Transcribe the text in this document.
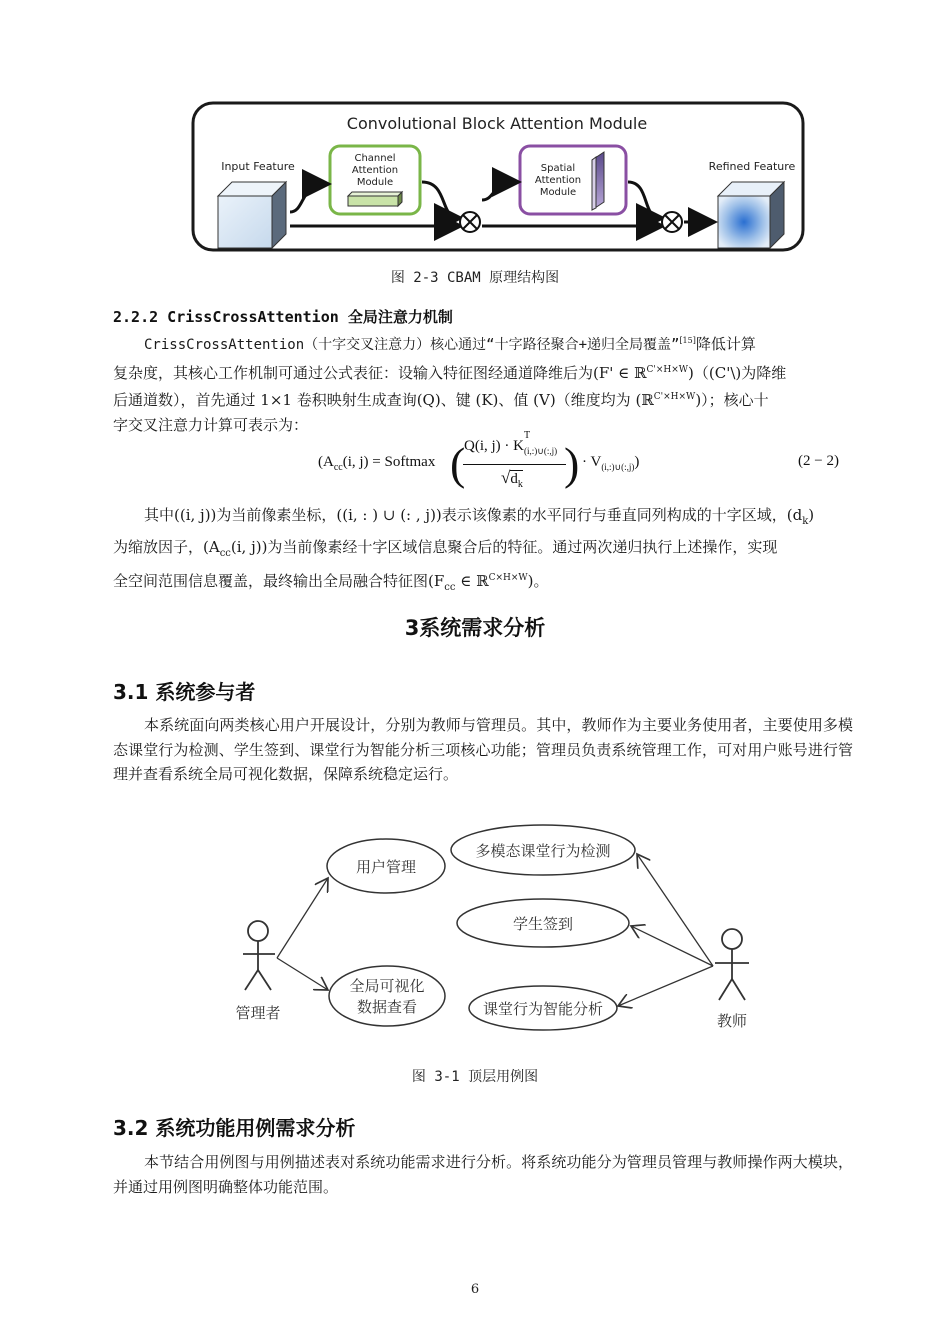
Convolutional Block Attention Module
Input Feature
Channel
Attention
Module
Spatial
Attention
Module
Refined Feature
图 2-3 CBAM 原理结构图
2.2.2 CrissCrossAttention 全局注意力机制
CrissCrossAttention（十字交叉注意力）核心通过“十字路径聚合+递归全局覆盖”[15]降低计算
复杂度，其核心工作机制可通过公式表征：设输入特征图经通道降维后为(F' ∈ ℝ$^{C'\times H\times W}$)（(C'\)为降维
后通道数），首先通过 1×1 卷积映射生成查询(Q)、键 (K)、值 (V)（维度均为 (ℝ$^{C'\times H\times W}$)）；核心十
字交叉注意力计算可表示为：
($A_{cc}(i$, j) = Softmax ( )
Q(i, j) · K
T
$_{(i,:)\cup(:,j)}$
$√d_k$
· $V_{(i,:)\cup(:,j)}$)	(2 − 2)
其中((i, j))为当前像素坐标，((i, : ) ∪ (: , j))表示该像素的水平同行与垂直同列构成的十字区域，$(d_k)$
为缩放因子，($A_{cc}(i$, j))为当前像素经十字区域信息聚合后的特征。通过两次递归执行上述操作，实现
全空间范围信息覆盖，最终输出全局融合特征图($F_{cc}$ ∈ ℝ$^{C\times H\times W}$)。
3系统需求分析
3.1 系统参与者
本系统面向两类核心用户开展设计，分别为教师与管理员。其中，教师作为主要业务使用者，主要使用多模态课堂行为检测、学生签到、课堂行为智能分析三项核心功能；管理员负责系统管理工作，可对用户账号进行管理并查看系统全局可视化数据，保障系统稳定运行。
管理者	教师
用户管理
全局可视化
数据查看
多模态课堂行为检测
学生签到
课堂行为智能分析
图 3-1 顶层用例图
3.2 系统功能用例需求分析
本节结合用例图与用例描述表对系统功能需求进行分析。将系统功能分为管理员管理与教师操作两大模块，并通过用例图明确整体功能范围。
6
